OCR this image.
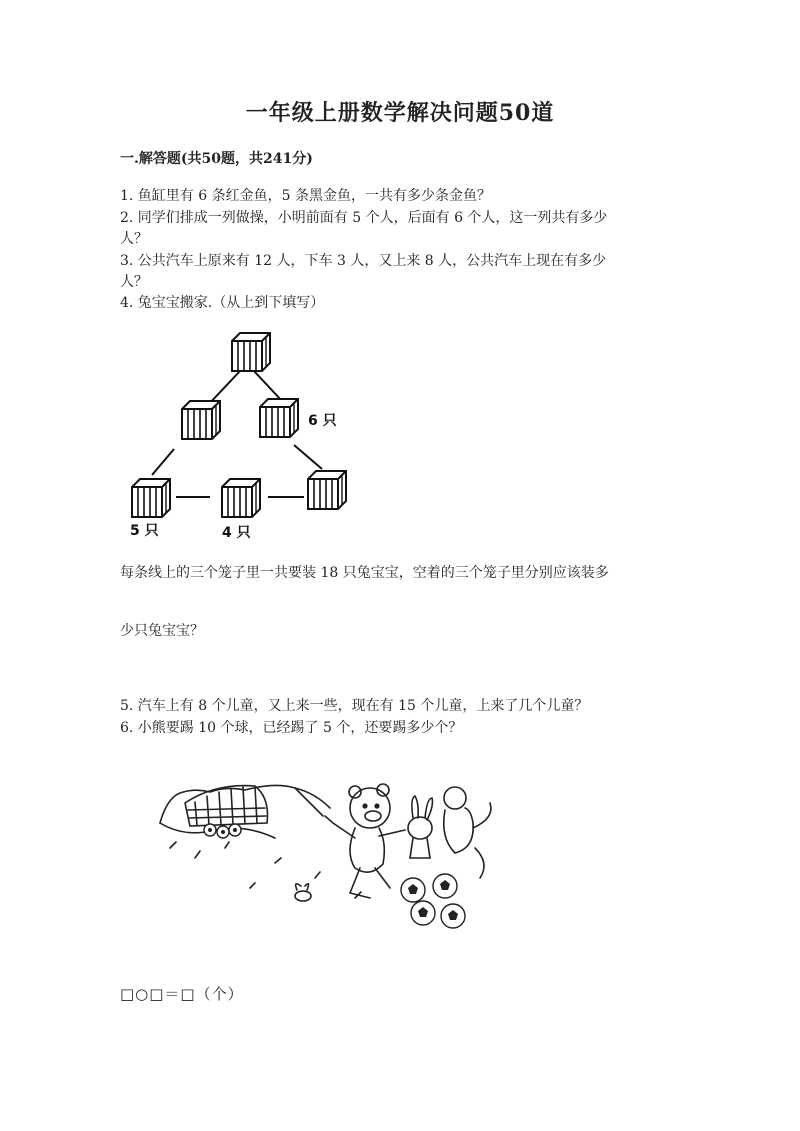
一年级上册数学解决问题50道
一.解答题(共50题，共241分)
1. 鱼缸里有 6 条红金鱼，5 条黑金鱼，一共有多少条金鱼？
2. 同学们排成一列做操，小明前面有 5 个人，后面有 6 个人，这一列共有多少
人？
3. 公共汽车上原来有 12 人，下车 3 人，又上来 8 人，公共汽车上现在有多少
人？
4. 兔宝宝搬家.（从上到下填写）
6 只
5 只	4 只
每条线上的三个笼子里一共要装 18 只兔宝宝，空着的三个笼子里分别应该装多
少只兔宝宝？
5. 汽车上有 8 个儿童，又上来一些，现在有 15 个儿童，上来了几个儿童？
6. 小熊要踢 10 个球，已经踢了 5 个，还要踢多少个？
□○□＝□（个）
